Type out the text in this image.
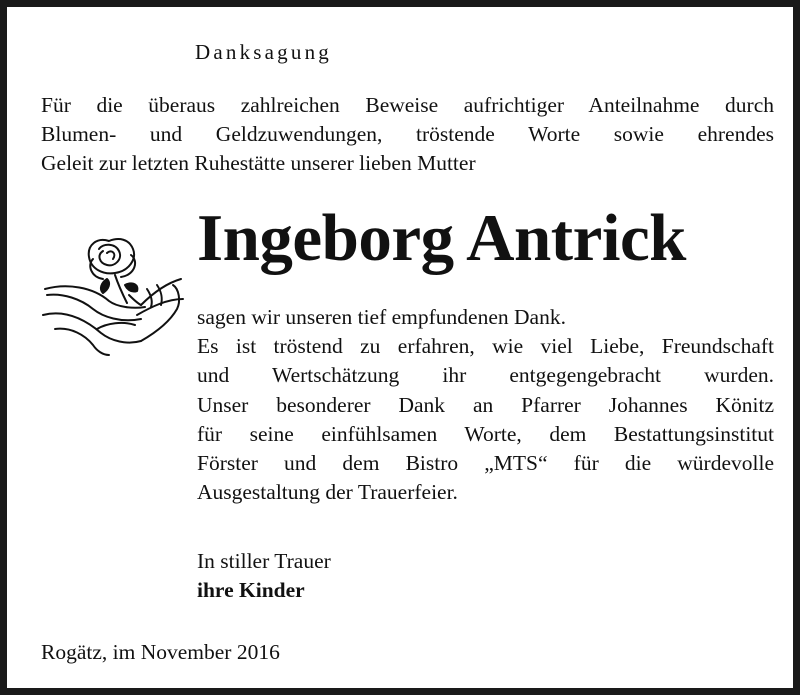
Danksagung
Für die überaus zahlreichen Beweise aufrichtiger Anteilnahme durch
Blumen- und Geldzuwendungen, tröstende Worte sowie ehrendes
Geleit zur letzten Ruhestätte unserer lieben Mutter
Ingeborg Antrick
sagen wir unseren tief empfundenen Dank.
Es ist tröstend zu erfahren, wie viel Liebe, Freundschaft
und Wertschätzung ihr entgegengebracht wurden.
Unser besonderer Dank an Pfarrer Johannes Könitz
für seine einfühlsamen Worte, dem Bestattungsinstitut
Förster und dem Bistro „MTS“ für die würdevolle
Ausgestaltung der Trauerfeier.
In stiller Trauer
ihre Kinder
Rogätz, im November 2016
